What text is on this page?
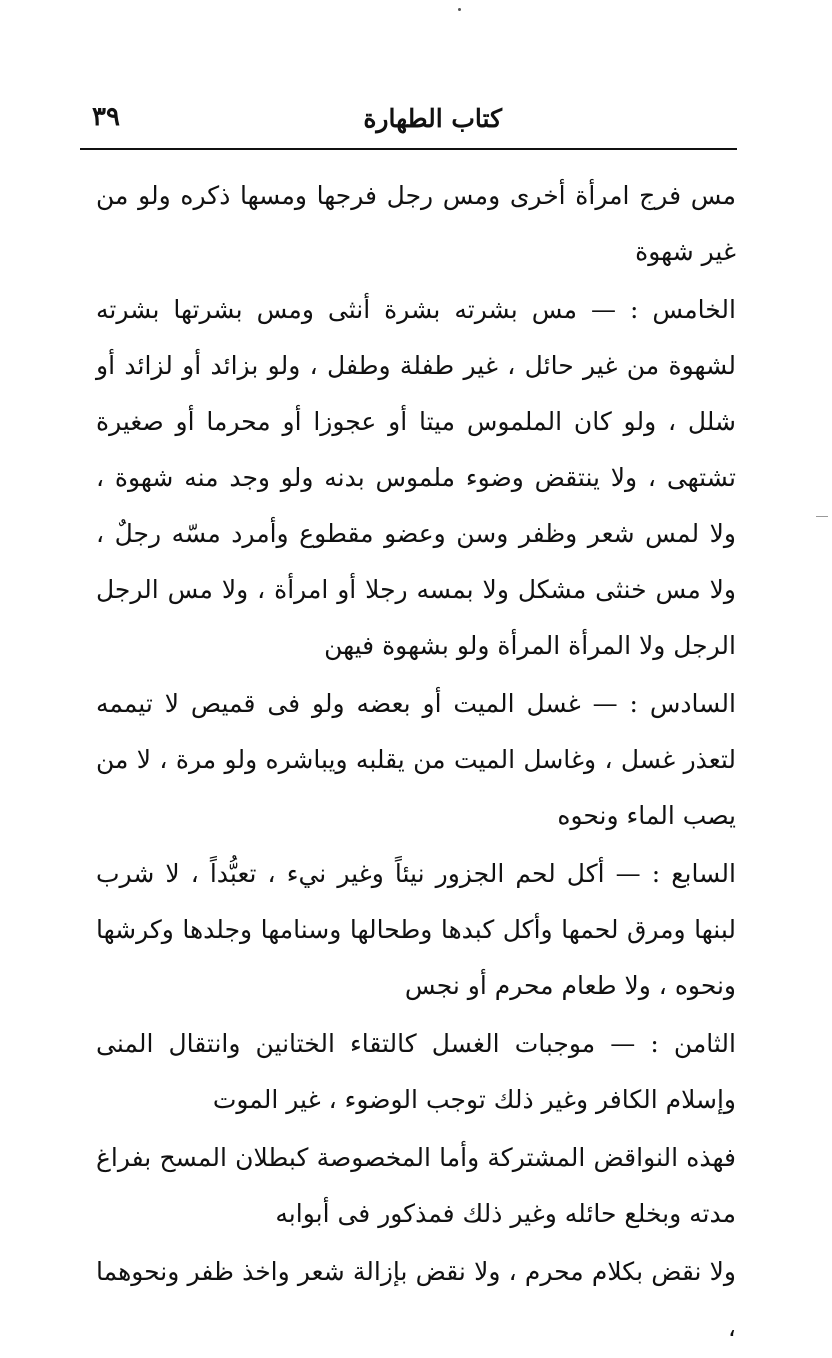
كتاب الطهارة
٣٩

مس فرج امرأة أخرى ومس رجل فرجها ومسها ذكره ولو من غير شهوة

الخامس : — مس بشرته بشرة أنثى ومس بشرتها بشرته لشهوة من غير حائل ، غير طفلة وطفل ، ولو بزائد أو لزائد أو شلل ، ولو كان الملموس ميتا أو عجوزا أو محرما أو صغيرة تشتهى ، ولا ينتقض وضوء ملموس بدنه ولو وجد منه شهوة ، ولا لمس شعر وظفر وسن وعضو مقطوع وأمرد مسّه رجلٌ ، ولا مس خنثى مشكل ولا بمسه رجلا أو امرأة ، ولا مس الرجل الرجل ولا المرأة المرأة ولو بشهوة فيهن

السادس : — غسل الميت أو بعضه ولو فى قميص لا تيممه لتعذر غسل ، وغاسل الميت من يقلبه ويباشره ولو مرة ، لا من يصب الماء ونحوه

السابع : — أكل لحم الجزور نيئاً وغير نيء ، تعبُّداً ، لا شرب لبنها ومرق لحمها وأكل كبدها وطحالها وسنامها وجلدها وكرشها ونحوه ، ولا طعام محرم أو نجس

الثامن : — موجبات الغسل كالتقاء الختانين وانتقال المنى وإسلام الكافر وغير ذلك توجب الوضوء ، غير الموت

فهذه النواقض المشتركة وأما المخصوصة كبطلان المسح بفراغ مدته وبخلع حائله وغير ذلك فمذكور فى أبوابه

ولا نقض بكلام محرم ، ولا نقض بإزالة شعر واخذ ظفر ونحوهما ،
